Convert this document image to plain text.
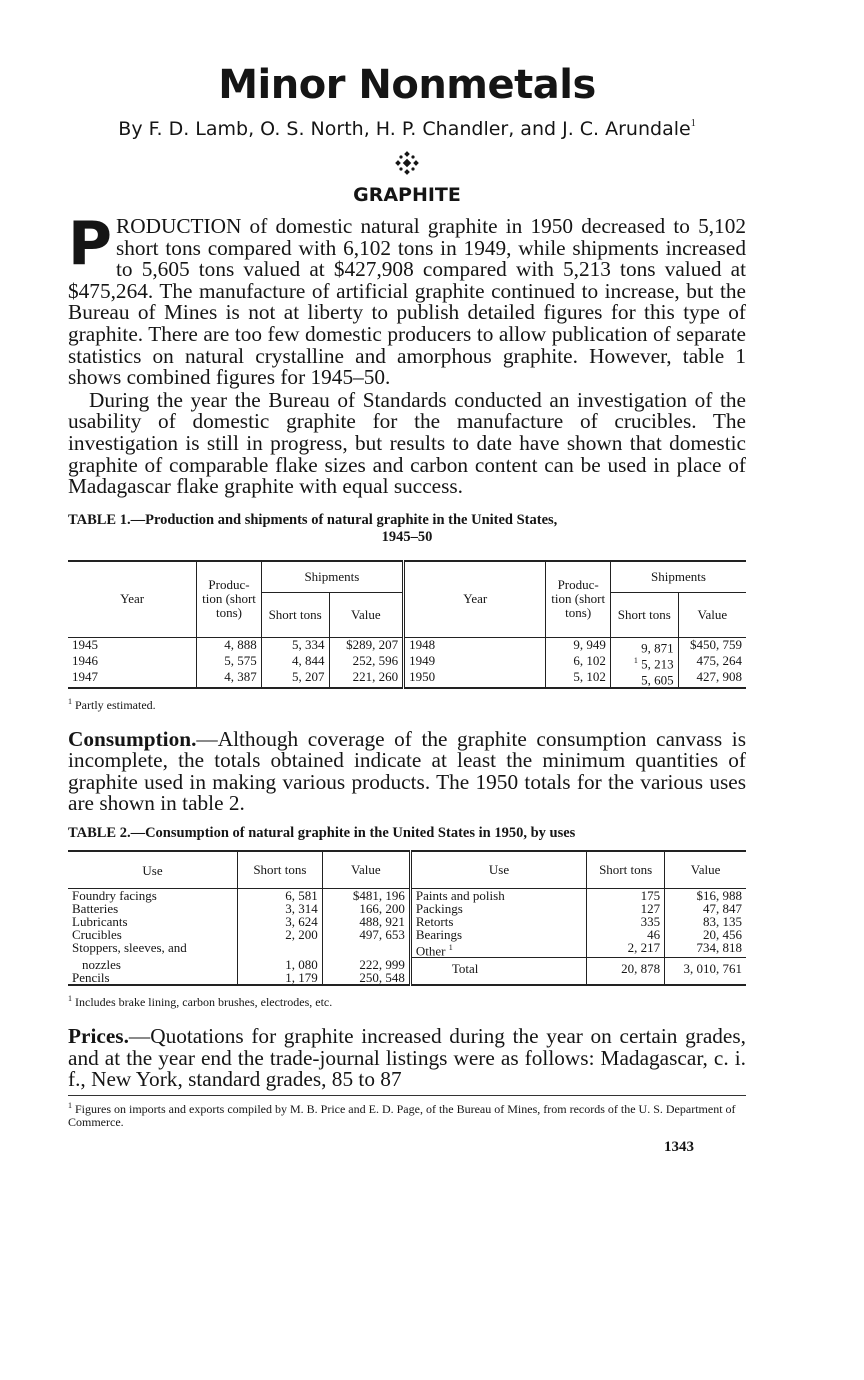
Minor Nonmetals
By F. D. Lamb, O. S. North, H. P. Chandler, and J. C. Arundale$^1$
GRAPHITE

PRODUCTION of domestic natural graphite in 1950 decreased to 5,102 short tons compared with 6,102 tons in 1949, while shipments increased to 5,605 tons valued at $427,908 compared with 5,213 tons valued at $475,264. The manufacture of artificial graphite continued to increase, but the Bureau of Mines is not at liberty to publish detailed figures for this type of graphite. There are too few domestic producers to allow publication of separate statistics on natural crystalline and amorphous graphite. However, table 1 shows combined figures for 1945–50.

During the year the Bureau of Standards conducted an investigation of the usability of domestic graphite for the manufacture of crucibles. The investigation is still in progress, but results to date have shown that domestic graphite of comparable flake sizes and carbon content can be used in place of Madagascar flake graphite with equal success.

TABLE 1.—Production and shipments of natural graphite in the United States,
1945–50
Year	Produc-tion (short tons)	Shipments		Year	Produc-tion (short tons)	Shipments	
		Short tons	Value			Short tons	Value
1945	4, 888	5, 334	$289, 207	1948	9, 949	9, 871	$450, 759
1946	5, 575	4, 844	252, 596	1949	6, 102	$^1$ 5, 213	475, 264
1947	4, 387	5, 207	221, 260	1950	5, 102	5, 605	427, 908
$^1$ Partly estimated.

Consumption.—Although coverage of the graphite consumption canvass is incomplete, the totals obtained indicate at least the minimum quantities of graphite used in making various products. The 1950 totals for the various uses are shown in table 2.

TABLE 2.—Consumption of natural graphite in the United States in 1950, by uses
Use	Short tons	Value	Use	Short tons	Value
Foundry facings	6, 581	$481, 196	Paints and polish	175	$16, 988
Batteries	3, 314	166, 200	Packings	127	47, 847
Lubricants	3, 624	488, 921	Retorts	335	83, 135
Crucibles	2, 200	497, 653	Bearings	46	20, 456
Stoppers, sleeves, and			Other $^1$	2, 217	734, 818
nozzles	1, 080	222, 999	Total	20, 878	3, 010, 761
Pencils	1, 179	250, 548			
$^1$ Includes brake lining, carbon brushes, electrodes, etc.

Prices.—Quotations for graphite increased during the year on certain grades, and at the year end the trade-journal listings were as follows: Madagascar, c. i. f., New York, standard grades, 85 to 87

$^1$ Figures on imports and exports compiled by M. B. Price and E. D. Page, of the Bureau of Mines, from records of the U. S. Department of Commerce.
1343
